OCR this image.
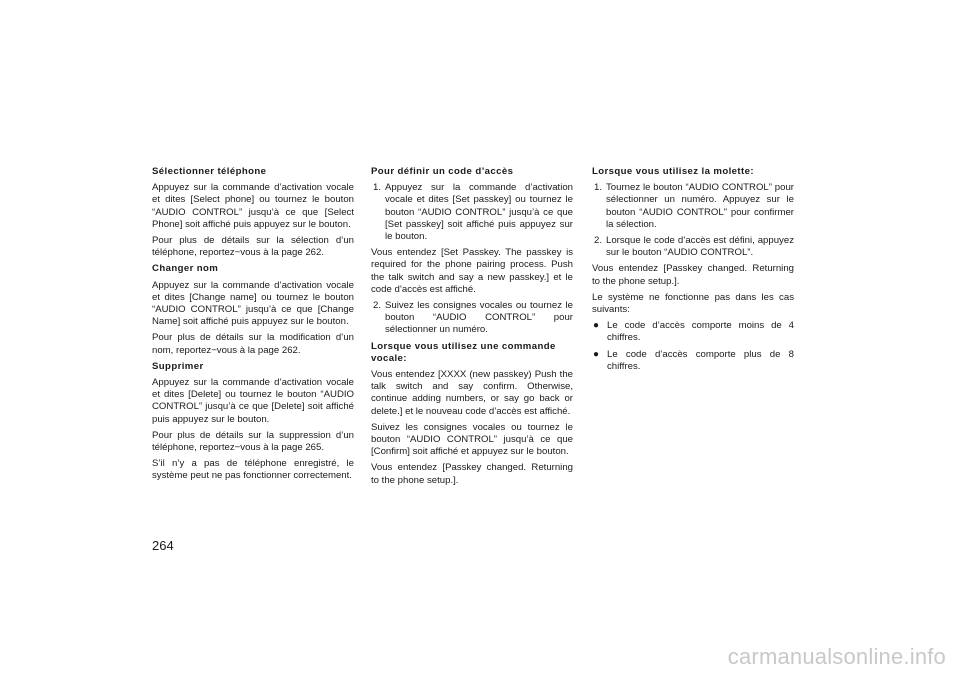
Sélectionner téléphone

Appuyez sur la commande d’activation vocale et dites [Select phone] ou tournez le bouton “AUDIO CONTROL” jusqu’à ce que [Select Phone] soit affiché puis appuyez sur le bouton.

Pour plus de détails sur la sélection d’un téléphone, reportez−vous à la page 262.

Changer nom

Appuyez sur la commande d’activation vocale et dites [Change name] ou tournez le bouton “AUDIO CONTROL” jusqu’à ce que [Change Name] soit affiché puis appuyez sur le bouton.

Pour plus de détails sur la modification d’un nom, reportez−vous à la page 262.

Supprimer

Appuyez sur la commande d’activation vocale et dites [Delete] ou tournez le bouton “AUDIO CONTROL” jusqu’à ce que [Delete] soit affiché puis appuyez sur le bouton.

Pour plus de détails sur la suppression d’un téléphone, reportez−vous à la page 265.

S’il n’y a pas de téléphone enregistré, le système peut ne pas fonctionner correctement.

Pour définir un code d’accès
1. Appuyez sur la commande d’activation vocale et dites [Set passkey] ou tournez le bouton “AUDIO CONTROL” jusqu’à ce que [Set passkey] soit affiché puis appuyez sur le bouton.

Vous entendez [Set Passkey. The passkey is required for the phone pairing process. Push the talk switch and say a new passkey.] et le code d’accès est affiché.

2. Suivez les consignes vocales ou tournez le bouton “AUDIO CONTROL” pour sélectionner un numéro.
Lorsque vous utilisez une commande vocale:

Vous entendez [XXXX (new passkey) Push the talk switch and say confirm. Otherwise, continue adding numbers, or say go back or delete.] et le nouveau code d’accès est affiché.

Suivez les consignes vocales ou tournez le bouton “AUDIO CONTROL” jusqu’à ce que [Confirm] soit affiché et appuyez sur le bouton.

Vous entendez [Passkey changed. Returning to the phone setup.].

Lorsque vous utilisez la molette:
1. Tournez le bouton “AUDIO CONTROL” pour sélectionner un numéro. Appuyez sur le bouton “AUDIO CONTROL” pour confirmer la sélection.
2. Lorsque le code d’accès est défini, appuyez sur le bouton “AUDIO CONTROL”.

Vous entendez [Passkey changed. Returning to the phone setup.].

Le système ne fonctionne pas dans les cas suivants:

● Le code d’accès comporte moins de 4 chiffres.
● Le code d’accès comporte plus de 8 chiffres.
264
carmanualsonline.info
